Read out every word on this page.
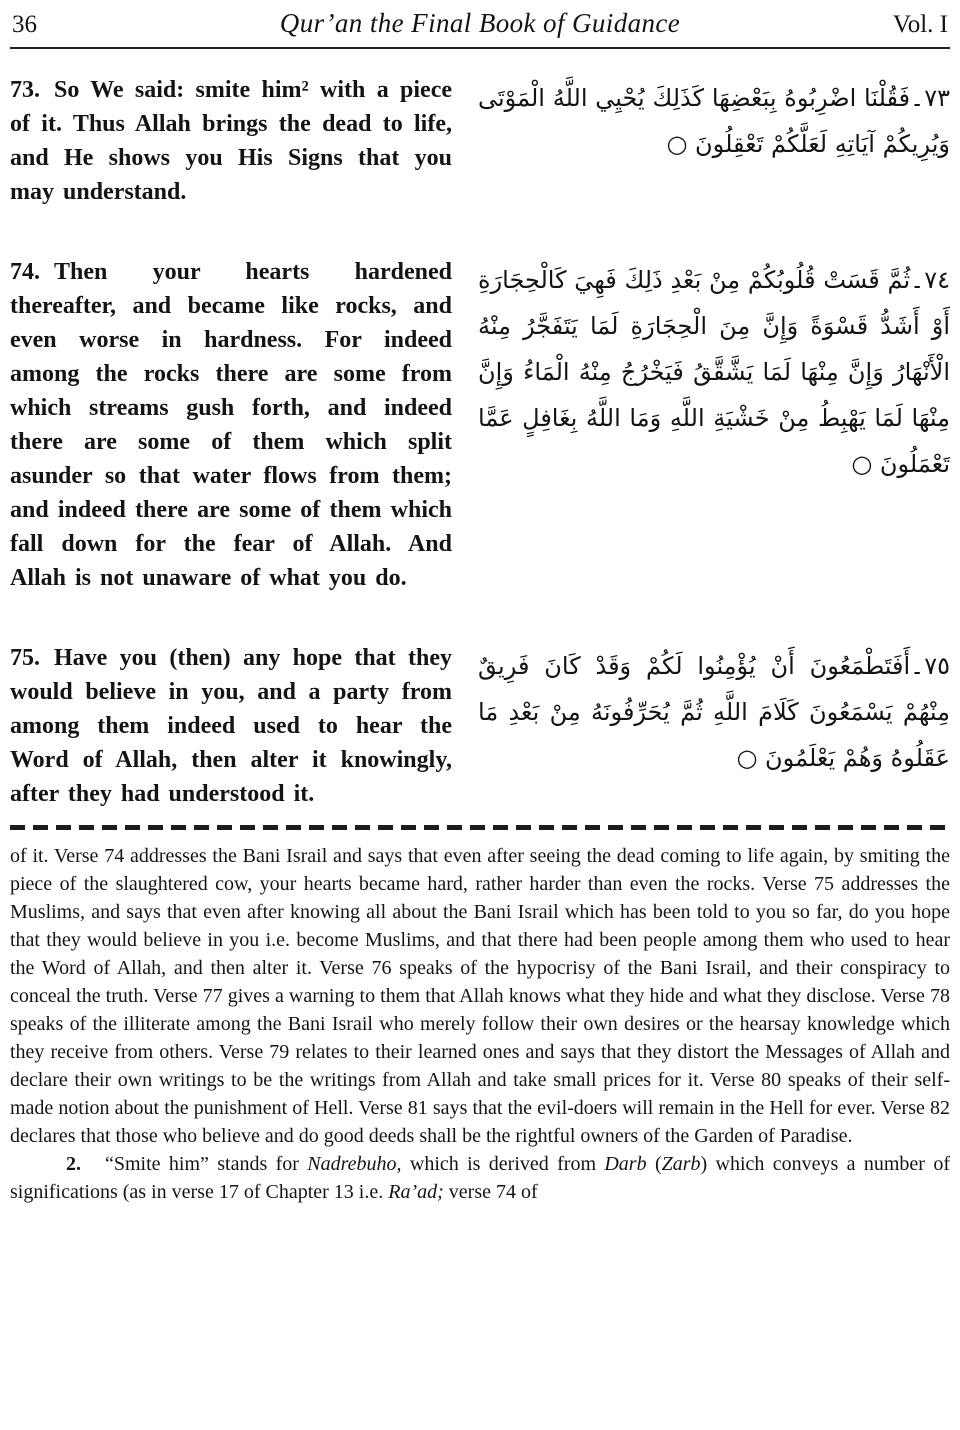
36	Qur’an the Final Book of Guidance	Vol. I
73. So We said: smite him² with a piece of it. Thus Allah brings the dead to life, and He shows you His Signs that you may understand.
٧٣۔فَقُلْنَا اضْرِبُوهُ بِبَعْضِهَا كَذَلِكَ يُحْيِي اللَّهُ الْمَوْتَى وَيُرِيكُمْ آيَاتِهِ لَعَلَّكُمْ تَعْقِلُونَ ○
74. Then your hearts hardened thereafter, and became like rocks, and even worse in hardness. For indeed among the rocks there are some from which streams gush forth, and indeed there are some of them which split asunder so that water flows from them; and indeed there are some of them which fall down for the fear of Allah. And Allah is not unaware of what you do.
٧٤۔ثُمَّ قَسَتْ قُلُوبُكُمْ مِنْ بَعْدِ ذَلِكَ فَهِيَ كَالْحِجَارَةِ أَوْ أَشَدُّ قَسْوَةً وَإِنَّ مِنَ الْحِجَارَةِ لَمَا يَتَفَجَّرُ مِنْهُ الْأَنْهَارُ وَإِنَّ مِنْهَا لَمَا يَشَّقَّقُ فَيَخْرُجُ مِنْهُ الْمَاءُ وَإِنَّ مِنْهَا لَمَا يَهْبِطُ مِنْ خَشْيَةِ اللَّهِ وَمَا اللَّهُ بِغَافِلٍ عَمَّا تَعْمَلُونَ ○
75. Have you (then) any hope that they would believe in you, and a party from among them indeed used to hear the Word of Allah, then alter it knowingly, after they had understood it.
٧٥۔أَفَتَطْمَعُونَ أَنْ يُؤْمِنُوا لَكُمْ وَقَدْ كَانَ فَرِيقٌ مِنْهُمْ يَسْمَعُونَ كَلَامَ اللَّهِ ثُمَّ يُحَرِّفُونَهُ مِنْ بَعْدِ مَا عَقَلُوهُ وَهُمْ يَعْلَمُونَ ○

of it. Verse 74 addresses the Bani Israil and says that even after seeing the dead coming to life again, by smiting the piece of the slaughtered cow, your hearts became hard, rather harder than even the rocks. Verse 75 addresses the Muslims, and says that even after knowing all about the Bani Israil which has been told to you so far, do you hope that they would believe in you i.e. become Muslims, and that there had been people among them who used to hear the Word of Allah, and then alter it. Verse 76 speaks of the hypocrisy of the Bani Israil, and their conspiracy to conceal the truth. Verse 77 gives a warning to them that Allah knows what they hide and what they disclose. Verse 78 speaks of the illiterate among the Bani Israil who merely follow their own desires or the hearsay knowledge which they receive from others. Verse 79 relates to their learned ones and says that they distort the Messages of Allah and declare their own writings to be the writings from Allah and take small prices for it. Verse 80 speaks of their self-made notion about the punishment of Hell. Verse 81 says that the evil-doers will remain in the Hell for ever. Verse 82 declares that those who believe and do good deeds shall be the rightful owners of the Garden of Paradise.

2. “Smite him” stands for Nadrebuho, which is derived from Darb (Zarb) which conveys a number of significations (as in verse 17 of Chapter 13 i.e. Ra’ad; verse 74 of
